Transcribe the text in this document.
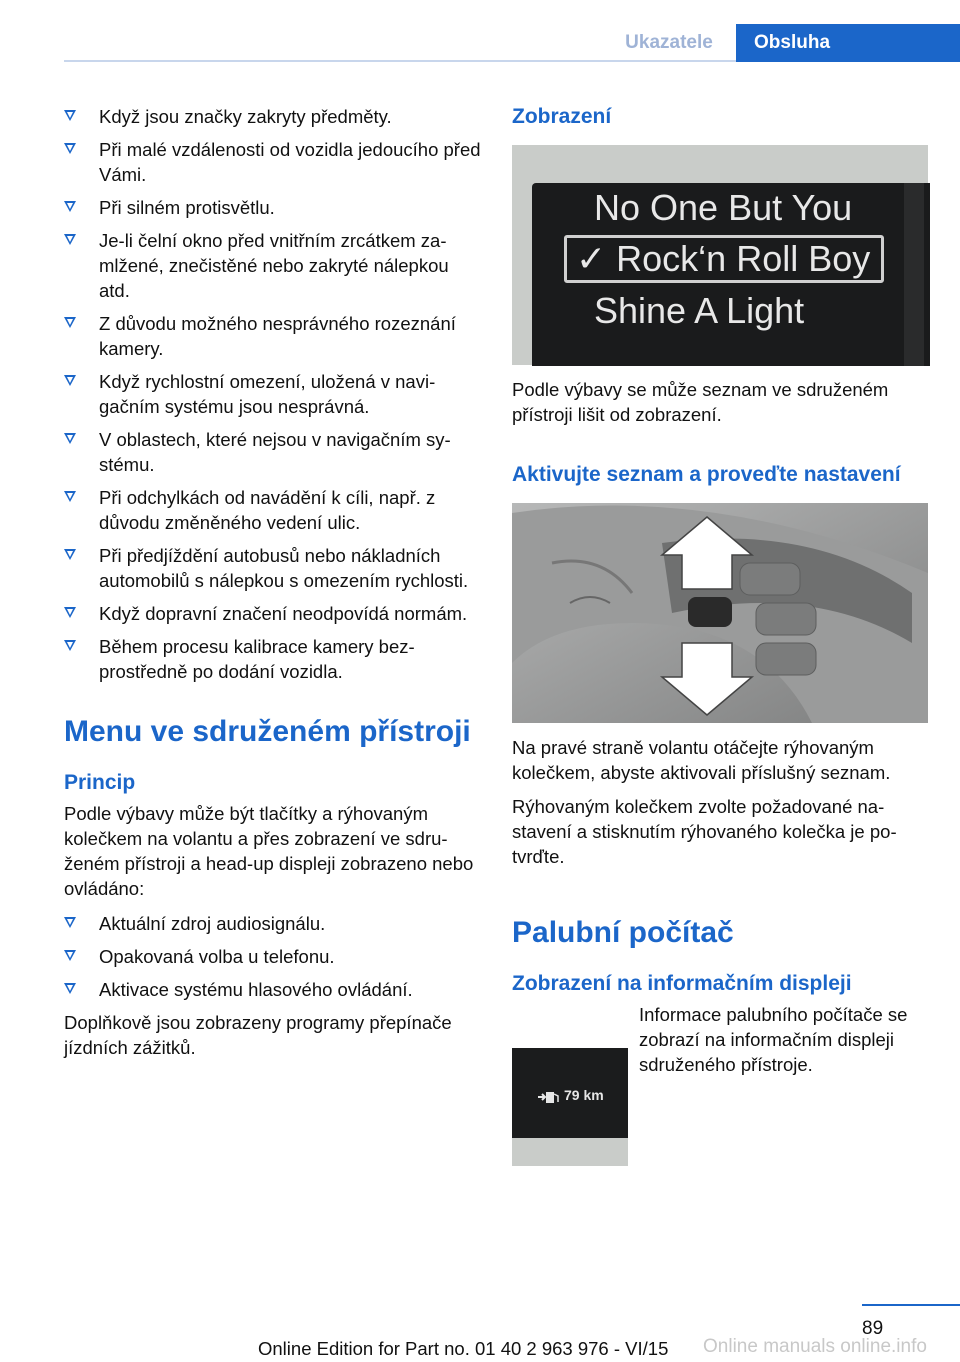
Ukazatele	Obsluha
Když jsou značky zakryty předměty.
Při malé vzdálenosti od vozidla jedoucího před Vámi.
Při silném protisvětlu.
Je-li čelní okno před vnitřním zrcátkem zamlžené, znečistěné nebo zakryté nálepkou atd.
Z důvodu možného nesprávného rozeznání kamery.
Když rychlostní omezení, uložená v navigačním systému jsou nesprávná.
V oblastech, které nejsou v navigačním systému.
Při odchylkách od navádění k cíli, např. z důvodu změněného vedení ulic.
Při předjíždění autobusů nebo nákladních automobilů s nálepkou s omezením rychlosti.
Když dopravní značení neodpovídá normám.
Během procesu kalibrace kamery bezprostředně po dodání vozidla.
Menu ve sdruženém přístroji
Princip
Podle výbavy může být tlačítky a rýhovaným kolečkem na volantu a přes zobrazení ve sdruženém přístroji a head-up displeji zobrazeno nebo ovládáno:
Aktuální zdroj audiosignálu.
Opakovaná volba u telefonu.
Aktivace systému hlasového ovládání.
Doplňkově jsou zobrazeny programy přepínače jízdních zážitků.
Zobrazení
No One But You
✓ Rock‘n Roll Boy
Shine A Light
Podle výbavy se může seznam ve sdruženém přístroji lišit od zobrazení.
Aktivujte seznam a proveďte nastavení
Na pravé straně volantu otáčejte rýhovaným kolečkem, abyste aktivovali příslušný seznam.
Rýhovaným kolečkem zvolte požadované nastavení a stisknutím rýhovaného kolečka je potvrďte.
Palubní počítač
Zobrazení na informačním displeji
Informace palubního počítače se zobrazí na informačním displeji sdruženého přístroje.
79 km
89
Online Edition for Part no. 01 40 2 963 976 - VI/15 Online manuals online.info
